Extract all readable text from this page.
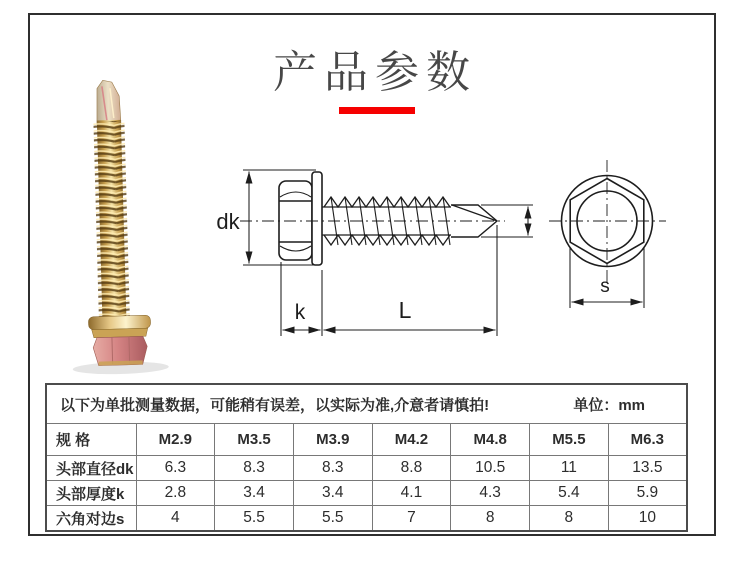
产品参数
dk
k	L
s
以下为单批测量数据，可能稍有误差，以实际为准,介意者请慎拍! 单位：mm							

规 格	M2.9	M3.5	M3.9	M4.2	M4.8	M5.5	M6.3
头部直径dk	6.3	8.3	8.3	8.8	10.5	11	13.5
头部厚度k	2.8	3.4	3.4	4.1	4.3	5.4	5.9
六角对边s	4	5.5	5.5	7	8	8	10
